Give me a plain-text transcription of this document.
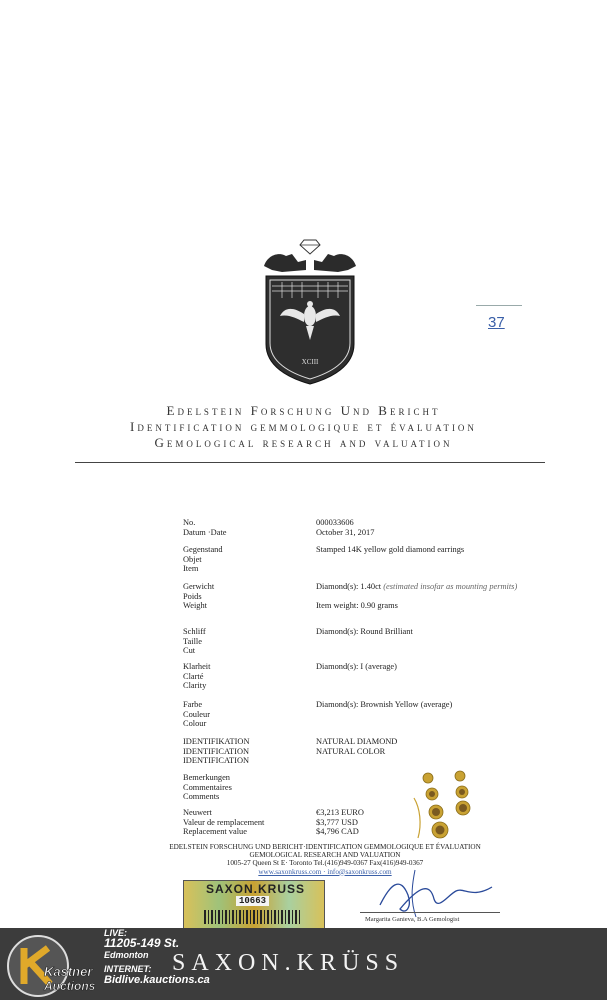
XCIII
37
Edelstein Forschung Und Bericht
Identification gemmologique et évaluation
Gemological research and valuation
No.
Datum ·Date
000033606
October 31, 2017
Gegenstand
Objet
Item
Stamped 14K yellow gold diamond earrings
Gerwicht
Poids
Weight
Diamond(s): 1.40ct (estimated insofar as mounting permits)
Item weight: 0.90 grams
Schliff
Taille
Cut
Diamond(s): Round Brilliant
Klarheit
Clarté
Clarity
Diamond(s): I (average)
Farbe
Couleur
Colour
Diamond(s): Brownish Yellow (average)
IDENTIFIKATION
IDENTIFICATION
IDENTIFICATION
NATURAL DIAMOND
NATURAL COLOR
Bemerkungen
Commentaires
Comments
Neuwert
Valeur de remplacement
Replacement value
€3,213 EURO
$3,777 USD
$4,796 CAD
EDELSTEIN FORSCHUNG UND BERICHT·IDENTIFICATION GEMMOLOGIQUE ET ÉVALUATION
GEMOLOGICAL RESEARCH AND VALUATION
1005-27 Queen St E· Toronto Tel.(416)949-0367 Fax(416)949-0367
www.saxonkruss.com · info@saxonkruss.com
SAXON.KRUSS
10663
Margarita Ganieva, B.A Gemologist
SAXON.KRÜSS
Kastner
Auctions
LIVE:
11205-149 St.
Edmonton
INTERNET:
Bidlive.kauctions.ca
